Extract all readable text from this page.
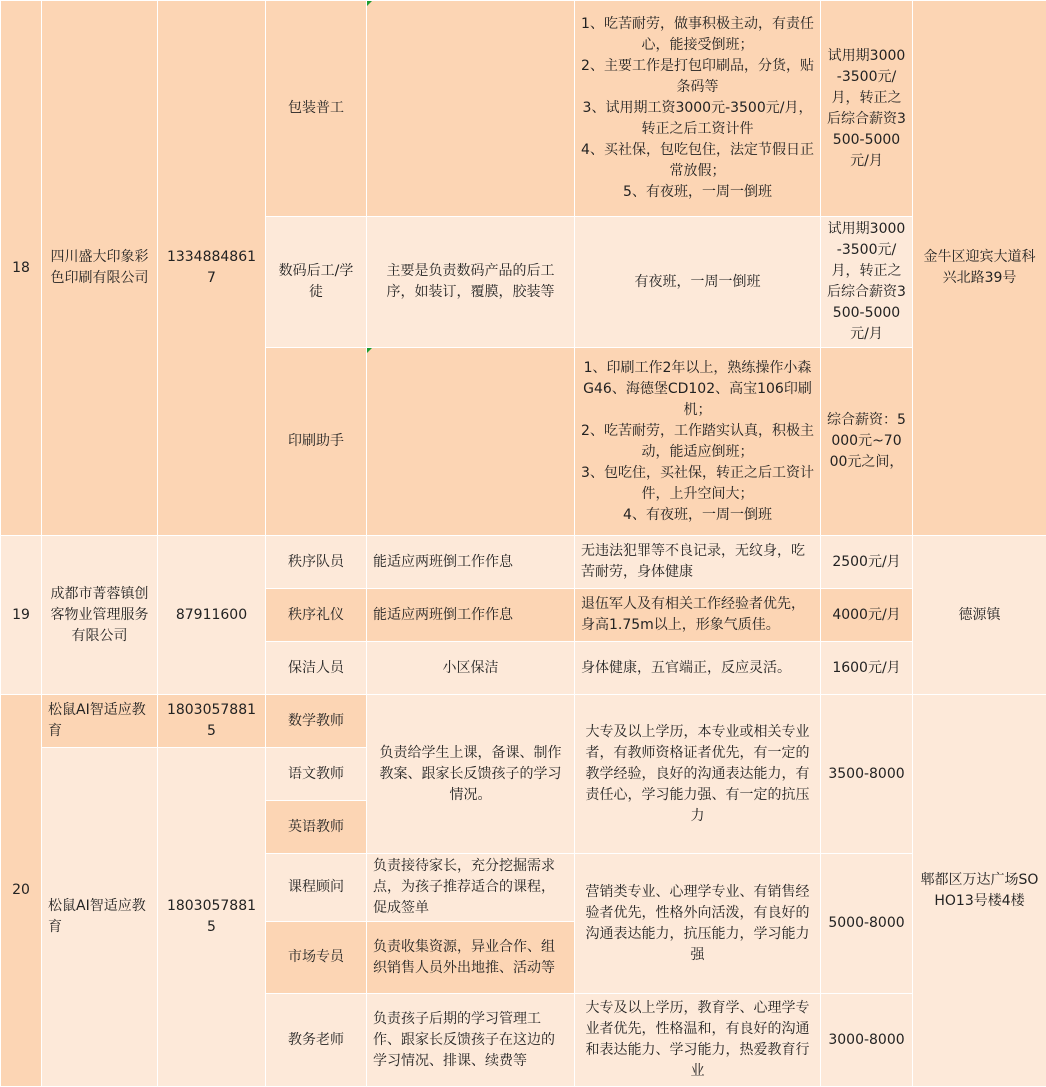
18	四川盛大印象彩色印刷有限公司	13348848617	包装普工		1、吃苦耐劳，做事积极主动，有责任心，能接受倒班；
2、主要工作是打包印刷品，分货，贴条码等
3、试用期工资3000元-3500元/月，转正之后工资计件
4、买社保，包吃包住，法定节假日正常放假；
5、有夜班，一周一倒班	试用期3000-3500元/月，转正之后综合薪资3500-5000元/月	金牛区迎宾大道科兴北路39号
			数码后工/学徒	主要是负责数码产品的后工序，如装订，覆膜，胶装等	有夜班，一周一倒班	试用期3000-3500元/月，转正之后综合薪资3500-5000元/月	
			印刷助手		1、印刷工作2年以上，熟练操作小森G46、海德堡CD102、高宝106印刷机；
2、吃苦耐劳，工作踏实认真，积极主动，能适应倒班；
3、包吃住，买社保，转正之后工资计件，上升空间大；
4、有夜班，一周一倒班	综合薪资：5000元~7000元之间，	
19	成都市菁蓉镇创客物业管理服务有限公司	87911600	秩序队员	能适应两班倒工作作息	无违法犯罪等不良记录，无纹身，吃苦耐劳，身体健康	2500元/月	德源镇
			秩序礼仪	能适应两班倒工作作息	退伍军人及有相关工作经验者优先，身高1.75m以上，形象气质佳。	4000元/月	
			保洁人员	小区保洁	身体健康，五官端正，反应灵活。	1600元/月	
20	松鼠AI智适应教育	18030578815	数学教师	负责给学生上课，备课、制作教案、跟家长反馈孩子的学习情况。	大专及以上学历，本专业或相关专业者，有教师资格证者优先，有一定的教学经验，良好的沟通表达能力，有责任心，学习能力强、有一定的抗压力	3500-8000	郫都区万达广场SOHO13号楼4楼
	松鼠AI智适应教育	18030578815	语文教师				
			英语教师				
			课程顾问	负责接待家长，充分挖掘需求点，为孩子推荐适合的课程，促成签单	营销类专业、心理学专业、有销售经验者优先，性格外向活泼，有良好的沟通表达能力，抗压能力，学习能力强	5000-8000	
			市场专员	负责收集资源，异业合作、组织销售人员外出地推、活动等			
			教务老师	负责孩子后期的学习管理工作、跟家长反馈孩子在这边的学习情况、排课、续费等	大专及以上学历，教育学、心理学专业者优先，性格温和，有良好的沟通和表达能力、学习能力，热爱教育行业	3000-8000	
